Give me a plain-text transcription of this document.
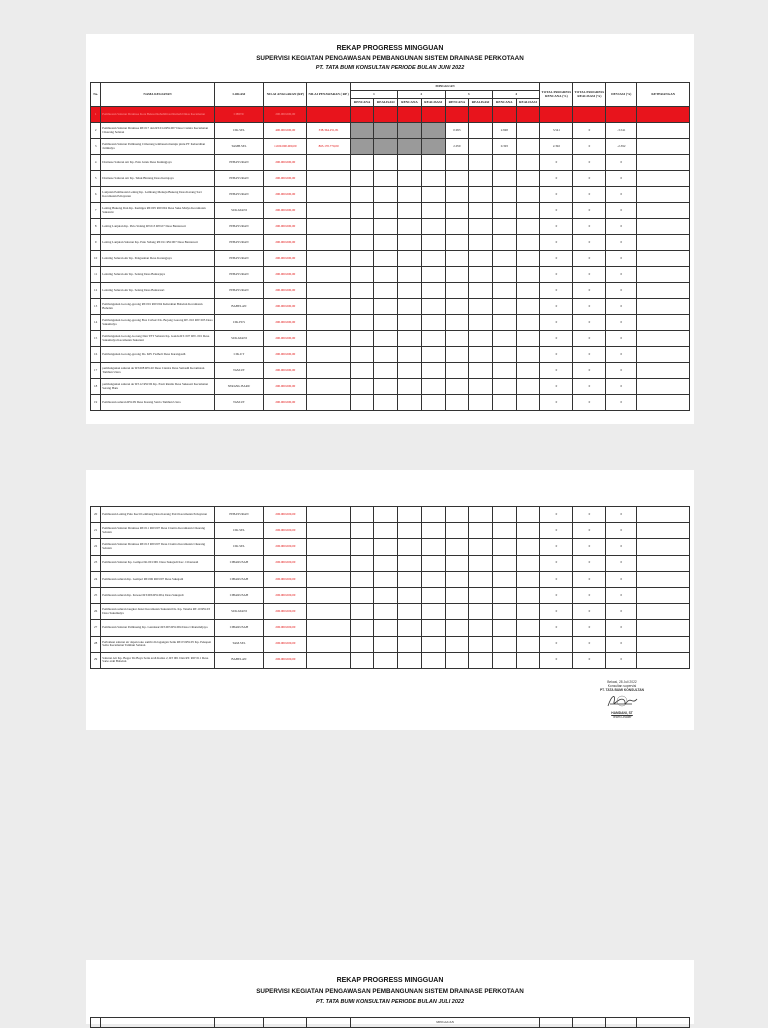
REKAP PROGRESS MINGGUAN
SUPERVISI KEGIATAN PENGAWASAN PEMBANGUNAN SISTEM DRAINASE PERKOTAAN
PT. TATA BUMI KONSULTAN PERIODE BULAN JUNI 2022
No.	NAMA KEGIATAN	LOKASI	NILAI ANGGARAN (RP)	NILAI PENAWARAN ( RP )	MINGGUAN								TOTAL PROGRESS RENCANA (%)	TOTAL PROGRESS REALISASI (%)	DEVIASI (%)	KETERANGAN
					1		2		3		4					
					RENCANA	REALISASI	RENCANA	REALISASI	RENCANA	REALISASI	RENCANA	REALISASI				
1	Pembuatan Saluran Drainase Kota Bekasi Rehabilitasi Rumah Dinas Kecamatan	CIBITU	200.000.000,00													
2	Pembuatan Saluran Drainase RT.017 dan RT.014 RW.007 Desa Ciantra Kecamatan Cikarang Selatan	CIK.SEL	400.000.000,00	338.364.251,81					0.993		2.848		3.541	0	-3.541	
3	Pembuatan Saluran Pembuang Cimarang tembusan menuju pintu PT Kebersihan Jatimulya	TAMB.SEL	1.000.000.000,00	863.170.770,00					2.059		0.393		2.392	0	-2.392	
4	Drainase Saluran Air Kp. Pulo Jeruk Desa Kuningjaya	PEBAYURAN	200.000.000,00										0	0	0	
5	Drainase Saluran Air Kp. Teluk Bintang Desa Kertajaya	PEBAYURAN	200.000.000,00										0	0	0	
6	Lanjutan Pembuatan Lening Kp. Lembang Menuju Bukong Desa Karang Sari Kecamatan Pebayuran	PEBAYURAN	200.000.000,00										0	0	0	
7	Lening Bukong Dan Kp. Kemiges RT.005 RW.004 Desa Suka Mulya Kecamatan Sukatani	SUKATANI	200.000.000,00										0	0	0	
8	Lening Lanjutan Kp. Pulo Sidang RT.013 RW.07 Desa Bantarsari	PEBAYURAN	200.000.000,00										0	0	0	
9	Lening Lanjutan Saluran Kp. Pulo Sidang RT.011 RW.007 Desa Bantarsari	PEBAYURAN	200.000.000,00										0	0	0	
10	Lenning Saluran Air Kp. Pengasinan Desa Karangjaya	PEBAYURAN	200.000.000,00										0	0	0	
11	Lenning Saluran Air Kp. Selang Desa Bantarjaya	PEBAYURAN	200.000.000,00										0	0	0	
12	Lenning Saluran Air Kp. Selang Desa Bantarsari	PEBAYURAN	200.000.000,00										0	0	0	
13	Pembangunan Gorong-gorong RT.001 RW.004 Kelurahan Babelan Kecamatan Babelan	BABELAN	200.000.000,00										0	0	0	
14	Pembangunan Gorong-gorong Box Culvert Ds. Bojong Gorong RT. 010 RW 005 Desa Sukamulya	CIK.PUS	200.000.000,00										0	0	0	
15	Pembangunan Gorong-Gorong Dan TPT Saluran Kp. Gandu RT. 007 RW. 001 Desa Sukamulya Kecamatan Sukatani	SUKATANI	200.000.000,00										0	0	0	
16	Pembangunan Gorong-gorong Ds. KH. Fadholi Desa Karangasih	CIK.UT	200.000.000,00										0	0	0	
17	pembangunan saluran air RT.008 RW.20 Desa Ciantra Desa Setiasih Kecamatan Tambun Utara	TAM.UT	200.000.000,00										0	0	0	
18	pembangunan saluran air RT.12 RW.06 Kp. Pasir Randu Desa Sukasari Kecamatan Serang Baru	SERANG BARU	200.000.000,00										0	0	0	
19	Pembuatan saluran RW.09 Desa Karang Satria Tambun Utara	TAM.UT	200.000.000,00										0	0	0	
20	Pembuatan Lening Pulo Kecil Lembang Desa Karang Patri Kecamatan Pebayuran	PEBAYURAN	200.000.000,00										0	0	0	
21	Pembuatan Saluran Drainase RT.011 RW.007 Desa Ciantra Kecamatan Cikarang Selatan	CIK.SEL	200.000.000,00										0	0	0	
22	Pembuatan Saluran Drainase RT.013 RW.007 Desa Ciantra Kecamatan Cikarang Selatan	CIK.SEL	200.000.000,00										0	0	0	
23	Pembuatan Saluran Kp. Gempol Rt.001/001 Desa Sukajadi Kec. Cibarusah	CIBARUSAH	200.000.000,00										0	0	0	
24	Pembuatan saluran Kp. Gempol RT.006 RW.007 Desa Sukajadi	CIBARUSAH	200.000.000,00										0	0	0	
25	Pembuatan saluran Kp. Kaweel RT.006 RW.004, Desa Sukajadi	CIBARUSAH	200.000.000,00										0	0	0	
26	Pembuatan saluran Gugkat Jastet Kecamatan Sukatani Ds. Kp. Tanaba RT.10 RW.03 Desa Sukamulya	SUKATANI	200.000.000,00										0	0	0	
27	Pembuatan Saluran Pembuang Kp. Gandasari RT.003 RW.004 Desa Ciharumdjaya	CIBARUSAH	200.000.000,00										0	0	0	
28	Perbaikan saluran air dapan toko sambi dn lagangan Setiu RT.03 RW.05 Kp. Pekapen Setiu Kecamatan Tambun Selatan	TAM.SEL	200.000.000,00										0	0	0	
29	Saluran Air Kp. Bogor Ds Baya Setia arah Kadus 2, RT 001 Dan RT. RW 011 Desa Sarie arah Babelan	BABELAN	200.000.000,00										0	0	0	
Bekasi, 28 Juli 2022
Konsultan supervisi
PT. TATA BUMI KONSULTAN
HAMDANI, ST
Team Leader
REKAP PROGRESS MINGGUAN
SUPERVISI KEGIATAN PENGAWASAN PEMBANGUNAN SISTEM DRAINASE PERKOTAAN
PT. TATA BUMI KONSULTAN PERIODE BULAN JULI 2022
					MINGGUAN				
